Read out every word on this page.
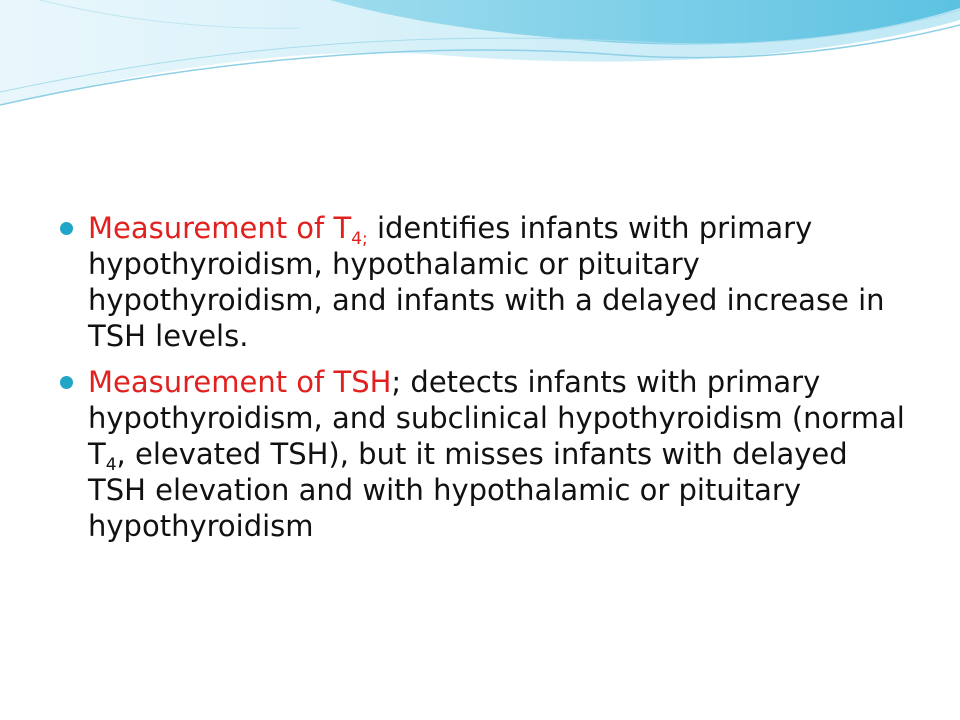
Measurement of $T_{4;}$ identifies infants with primary hypothyroidism, hypothalamic or pituitary hypothyroidism, and infants with a delayed increase in TSH levels.
Measurement of TSH; detects infants with primary hypothyroidism, and subclinical hypothyroidism (normal $T_4$, elevated TSH), but it misses infants with delayed TSH elevation and with hypothalamic or pituitary hypothyroidism
